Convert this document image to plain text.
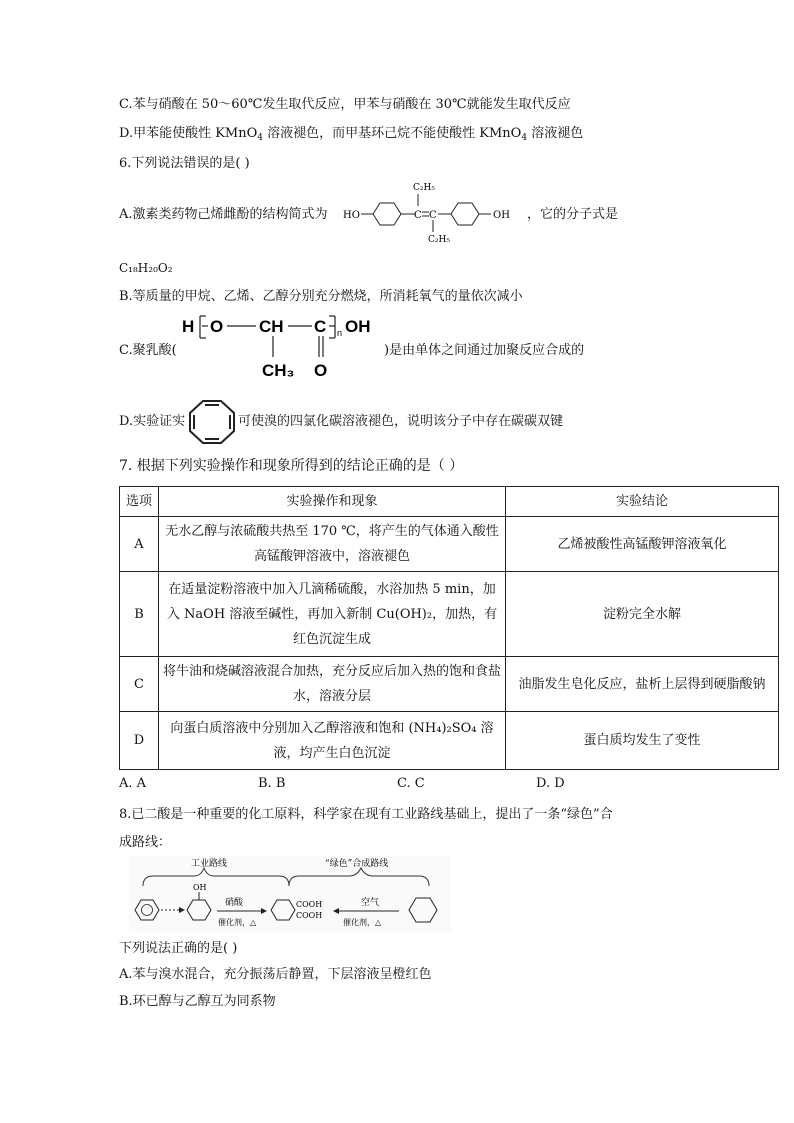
C.苯与硝酸在 50～60℃发生取代反应，甲苯与硝酸在 30℃就能发生取代反应
D.甲苯能使酸性 KMnO$_4$ 溶液褪色，而甲基环己烷不能使酸性 KMnO$_4$ 溶液褪色
6.下列说法错误的是( )
A.激素类药物己烯雌酚的结构简式为 HO	C C
C₂H₅
C₂H₅
OH ，它的分子式是
C₁₈H₂₀O₂
B.等质量的甲烷、乙烯、乙醇分别充分燃烧，所消耗氧气的量依次减小
C.聚乳酸(
H O CH C n OH
CH₃ O
)是由单体之间通过加聚反应合成的
D.实验证实	可使溴的四氯化碳溶液褪色，说明该分子中存在碳碳双键
7. 根据下列实验操作和现象所得到的结论正确的是（ ）
选项	实验操作和现象	实验结论
A	无水乙醇与浓硫酸共热至 170 ℃，将产生的气体通入酸性高锰酸钾溶液中，溶液褪色	乙烯被酸性高锰酸钾溶液氧化
B	在适量淀粉溶液中加入几滴稀硫酸，水浴加热 5 min，加入 NaOH 溶液至碱性，再加入新制 Cu(OH)₂，加热，有红色沉淀生成	淀粉完全水解
C	将牛油和烧碱溶液混合加热，充分反应后加入热的饱和食盐水，溶液分层	油脂发生皂化反应，盐析上层得到硬脂酸钠
D	向蛋白质溶液中分别加入乙醇溶液和饱和 (NH₄)₂SO₄ 溶液，均产生白色沉淀	蛋白质均发生了变性
A. A	B. B	C. C	D. D
8.已二酸是一种重要的化工原料，科学家在现有工业路线基础上，提出了一条“绿色”合
成路线：
工业路线	“绿色”合成路线
OH
硝酸
催化剂，△
COOH
COOH
空气
催化剂，△
下列说法正确的是( )
A.苯与溴水混合，充分振荡后静置，下层溶液呈橙红色
B.环已醇与乙醇互为同系物
